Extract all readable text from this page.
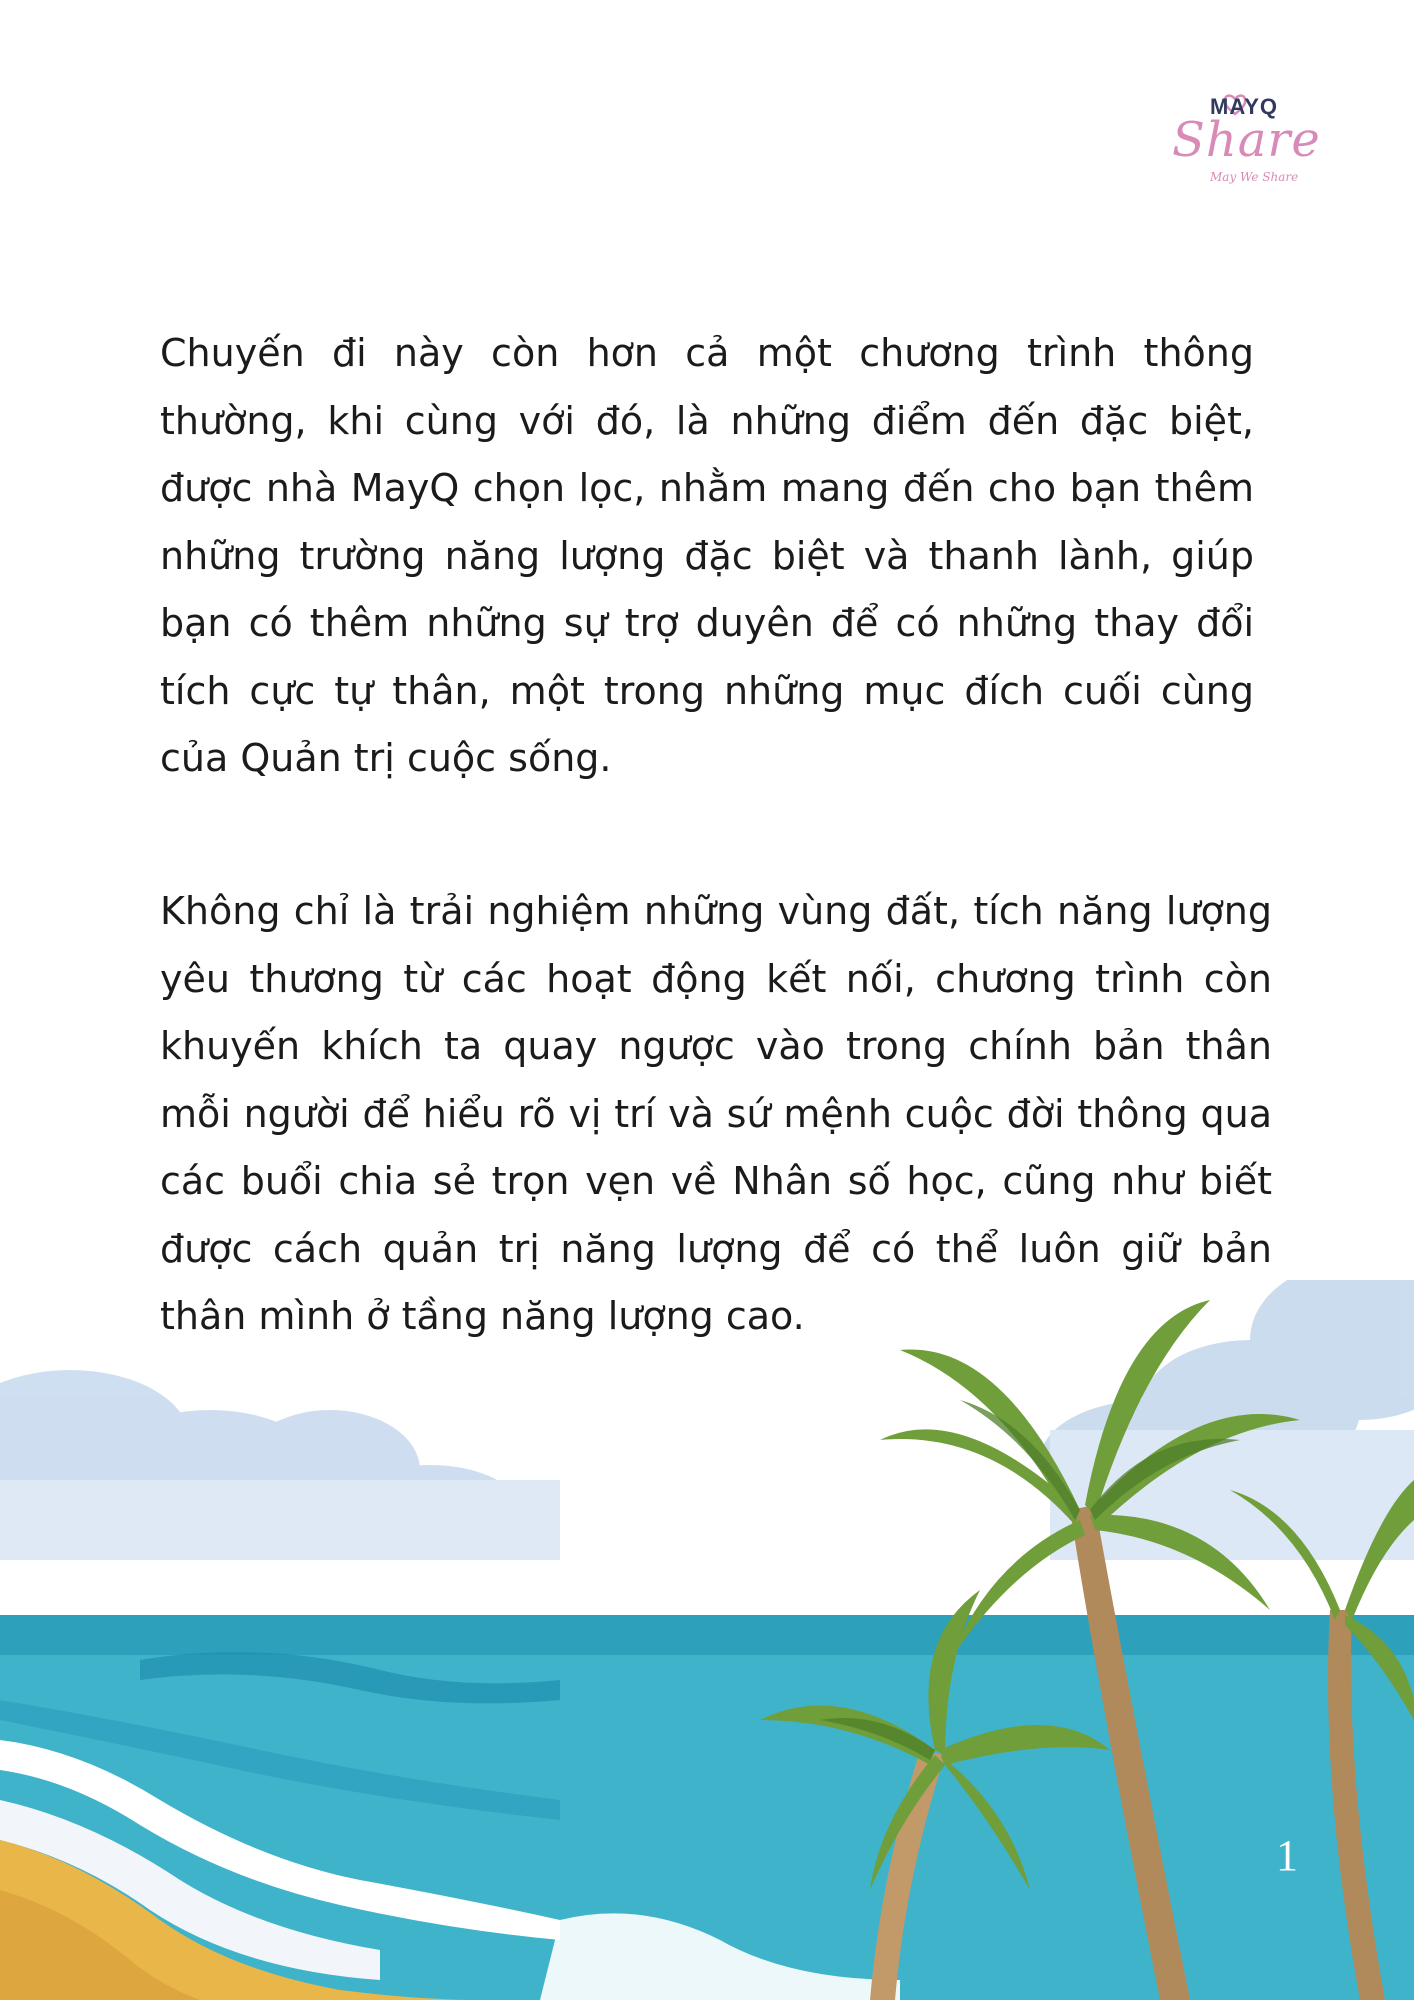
MAYQ
Share
May We Share

Chuyến đi này còn hơn cả một chương trình thông thường, khi cùng với đó, là những điểm đến đặc biệt, được nhà MayQ chọn lọc, nhằm mang đến cho bạn thêm những trường năng lượng đặc biệt và thanh lành, giúp bạn có thêm những sự trợ duyên để có những thay đổi tích cực tự thân, một trong những mục đích cuối cùng của Quản trị cuộc sống.

Không chỉ là trải nghiệm những vùng đất, tích năng lượng yêu thương từ các hoạt động kết nối, chương trình còn khuyến khích ta quay ngược vào trong chính bản thân mỗi người để hiểu rõ vị trí và sứ mệnh cuộc đời thông qua các buổi chia sẻ trọn vẹn về Nhân số học, cũng như biết được cách quản trị năng lượng để có thể luôn giữ bản thân mình ở tầng năng lượng cao.

1
